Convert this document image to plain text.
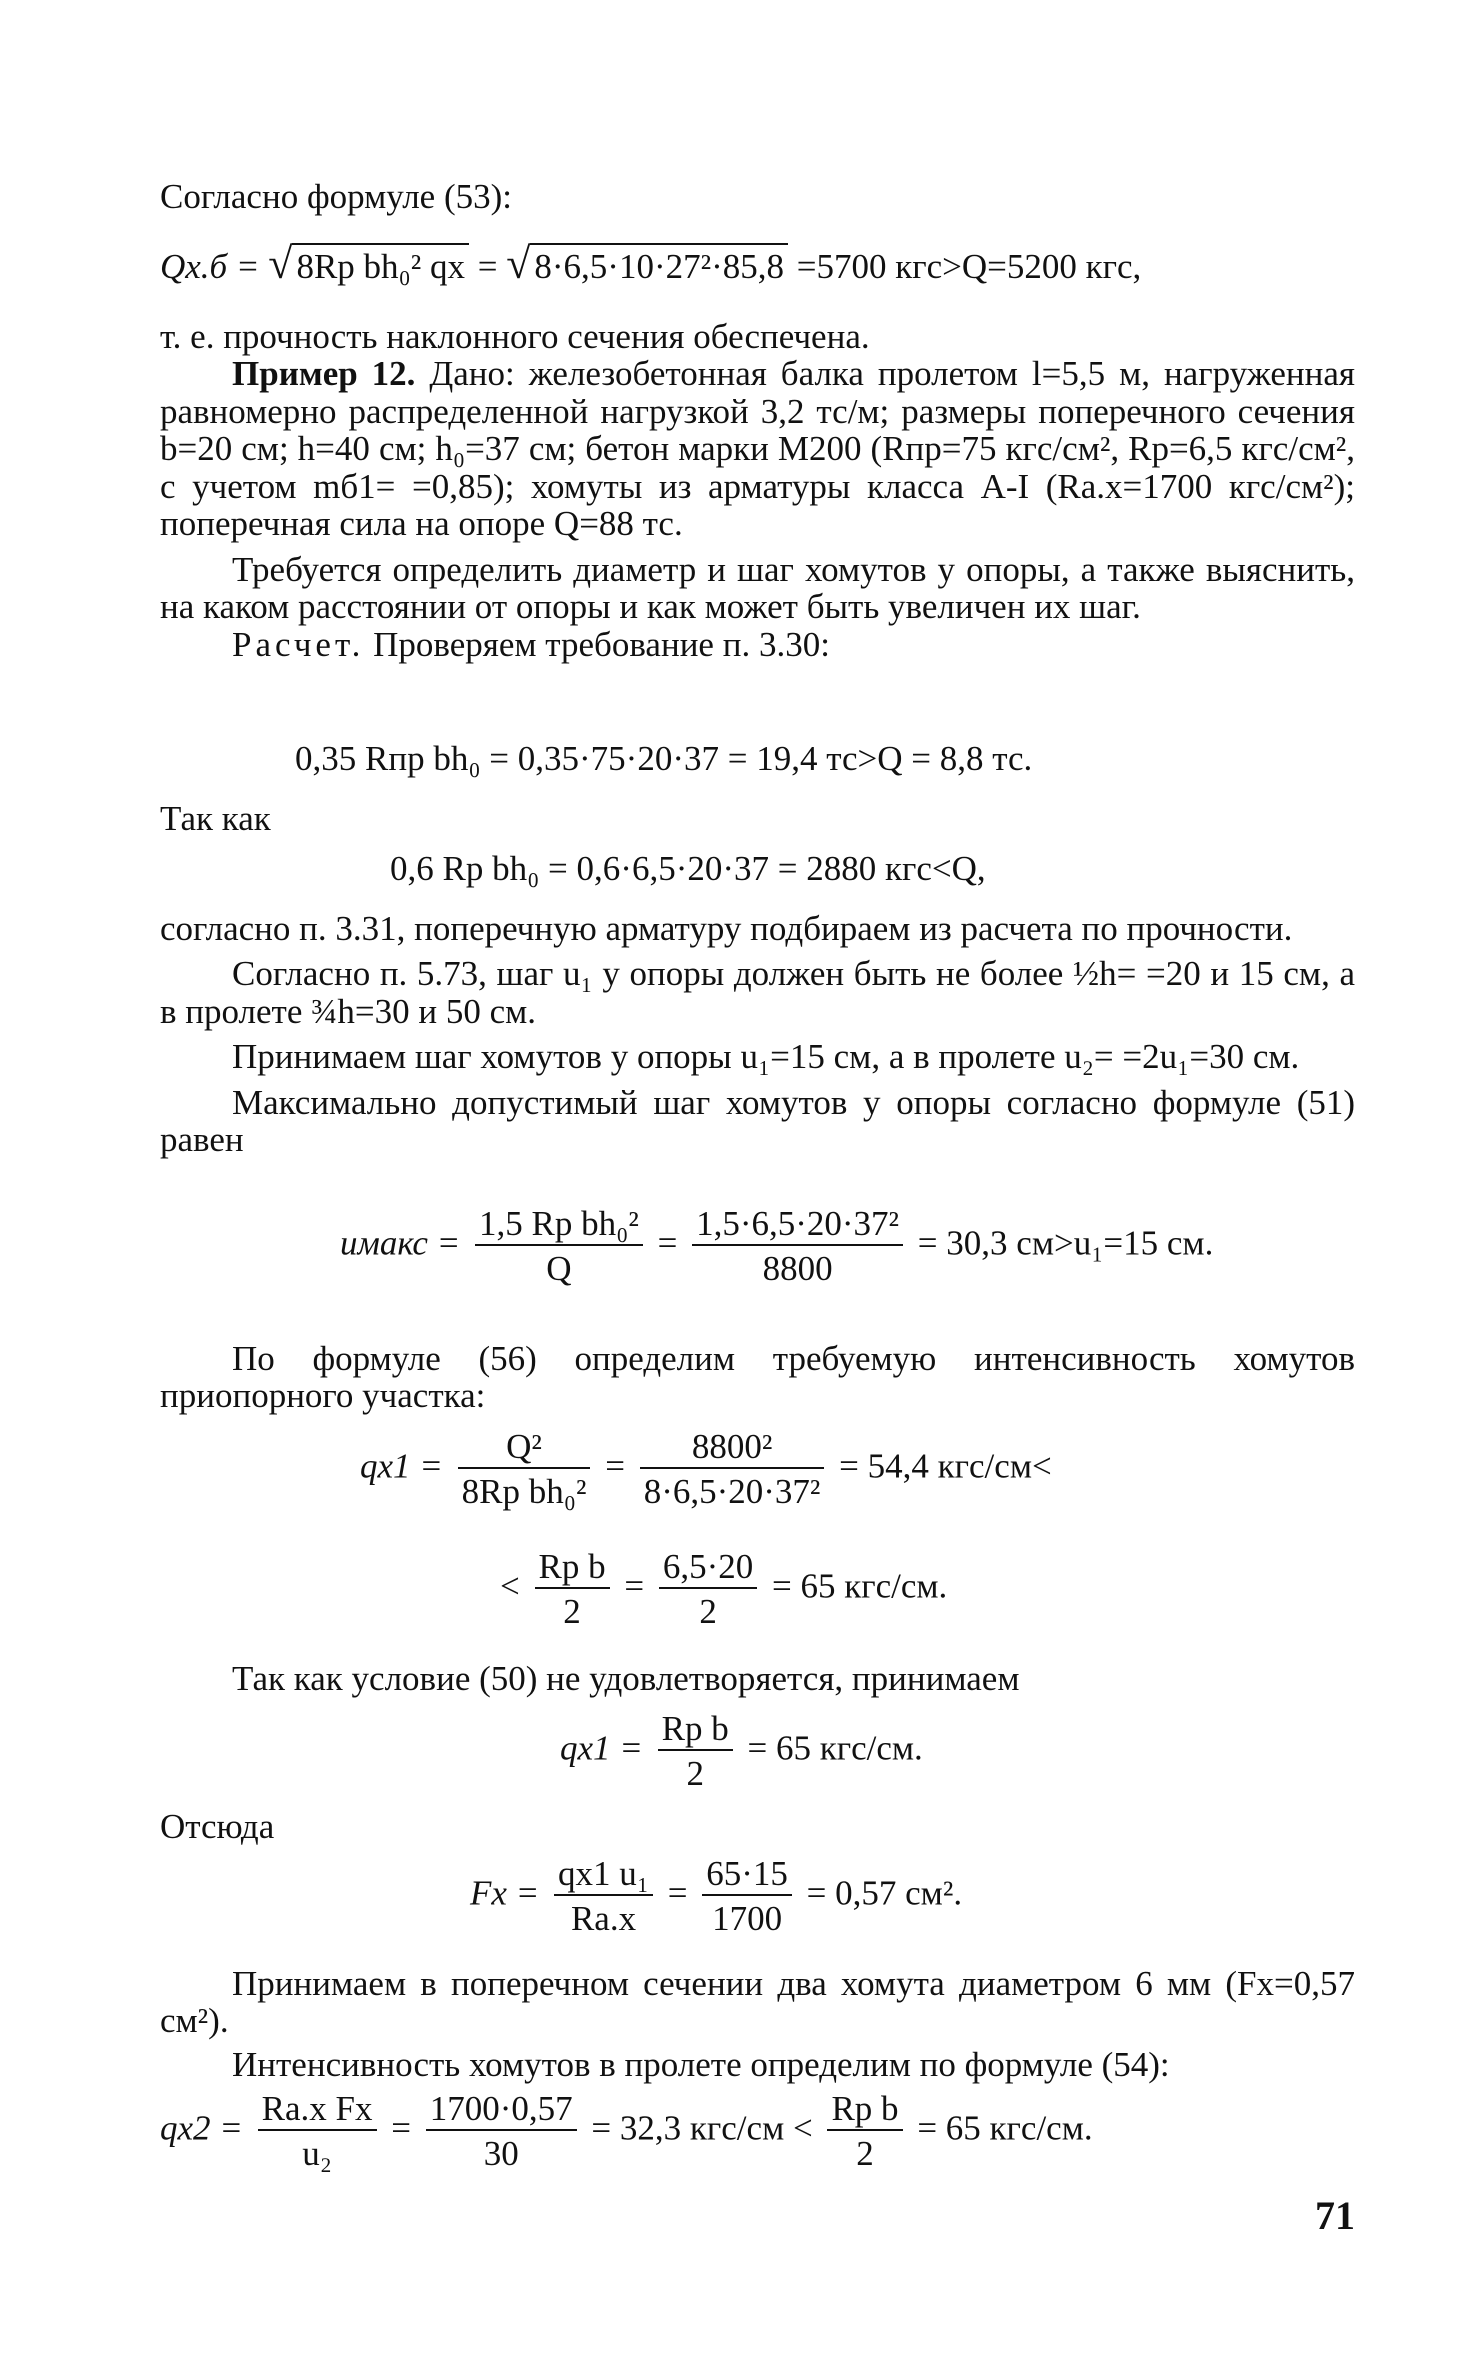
Согласно формуле (53):

Qх.б = √ 8Rр bh₀² qх = √ 8·6,5·10·27²·85,8 =5700 кгс>Q=5200 кгс,

т. е. прочность наклонного сечения обеспечена.

Пример 12. Дано: железобетонная балка пролетом l=5,5 м, нагруженная равномерно распределенной нагрузкой 3,2 тс/м; размеры поперечного сечения b=20 см; h=40 см; h₀=37 см; бетон марки М200 (Rпр=75 кгс/см², Rр=6,5 кгс/см², с учетом mб1= =0,85); хомуты из арматуры класса А-I (Rа.х=1700 кгс/см²); поперечная сила на опоре Q=88 тс.

Требуется определить диаметр и шаг хомутов у опоры, а также выяснить, на каком расстоянии от опоры и как может быть увеличен их шаг.

Расчет. Проверяем требование п. 3.30:

0,35 Rпр bh₀ = 0,35·75·20·37 = 19,4 тс>Q = 8,8 тс.

Так как

0,6 Rр bh₀ = 0,6·6,5·20·37 = 2880 кгс<Q,

согласно п. 3.31, поперечную арматуру подбираем из расчета по прочности.

Согласно п. 5.73, шаг u₁ у опоры должен быть не более ½h= =20 и 15 см, а в пролете ¾h=30 и 50 см.

Принимаем шаг хомутов у опоры u₁=15 см, а в пролете u₂= =2u₁=30 см.

Максимально допустимый шаг хомутов у опоры согласно формуле (51) равен

uмакс = $\frac{\text{1,5 Rр bh₀²}}{Q} = \frac{\text{1,5·6,5·20·37²}}{8800} = 30,3$ см>u₁=15 см.

По формуле (56) определим требуемую интенсивность хомутов приопорного участка:

$qх1 = \frac{\text{Q²}}{\text{8Rр bh₀²}} = \frac{\text{8800²}}{\text{8·6,5·20·37²}} = 54,4$ кгс/см<
< $\frac{\text{Rр b}}{2} = \frac{6,5\cdot 20}{2} = 65$ кгс/см.

Так как условие (50) не удовлетворяется, принимаем

$qх1 = \frac{\text{Rр b}}{2} = 65$ кгс/см.

Отсюда

Fх = $\frac{\text{qх1 u₁}}{Rа.х} = \frac{65\cdot 15}{1700} = 0,57$ см².

Принимаем в поперечном сечении два хомута диаметром 6 мм (Fх=0,57 см²).

Интенсивность хомутов в пролете определим по формуле (54):

$qх2 = \frac{\text{Rа.х Fх}}{\text{u₂}} = \frac{1700\cdot 0,57}{30} = 32,3$ $кгс/см < \frac{\text{Rр b}}{2} = 65$ кгс/см.
71
